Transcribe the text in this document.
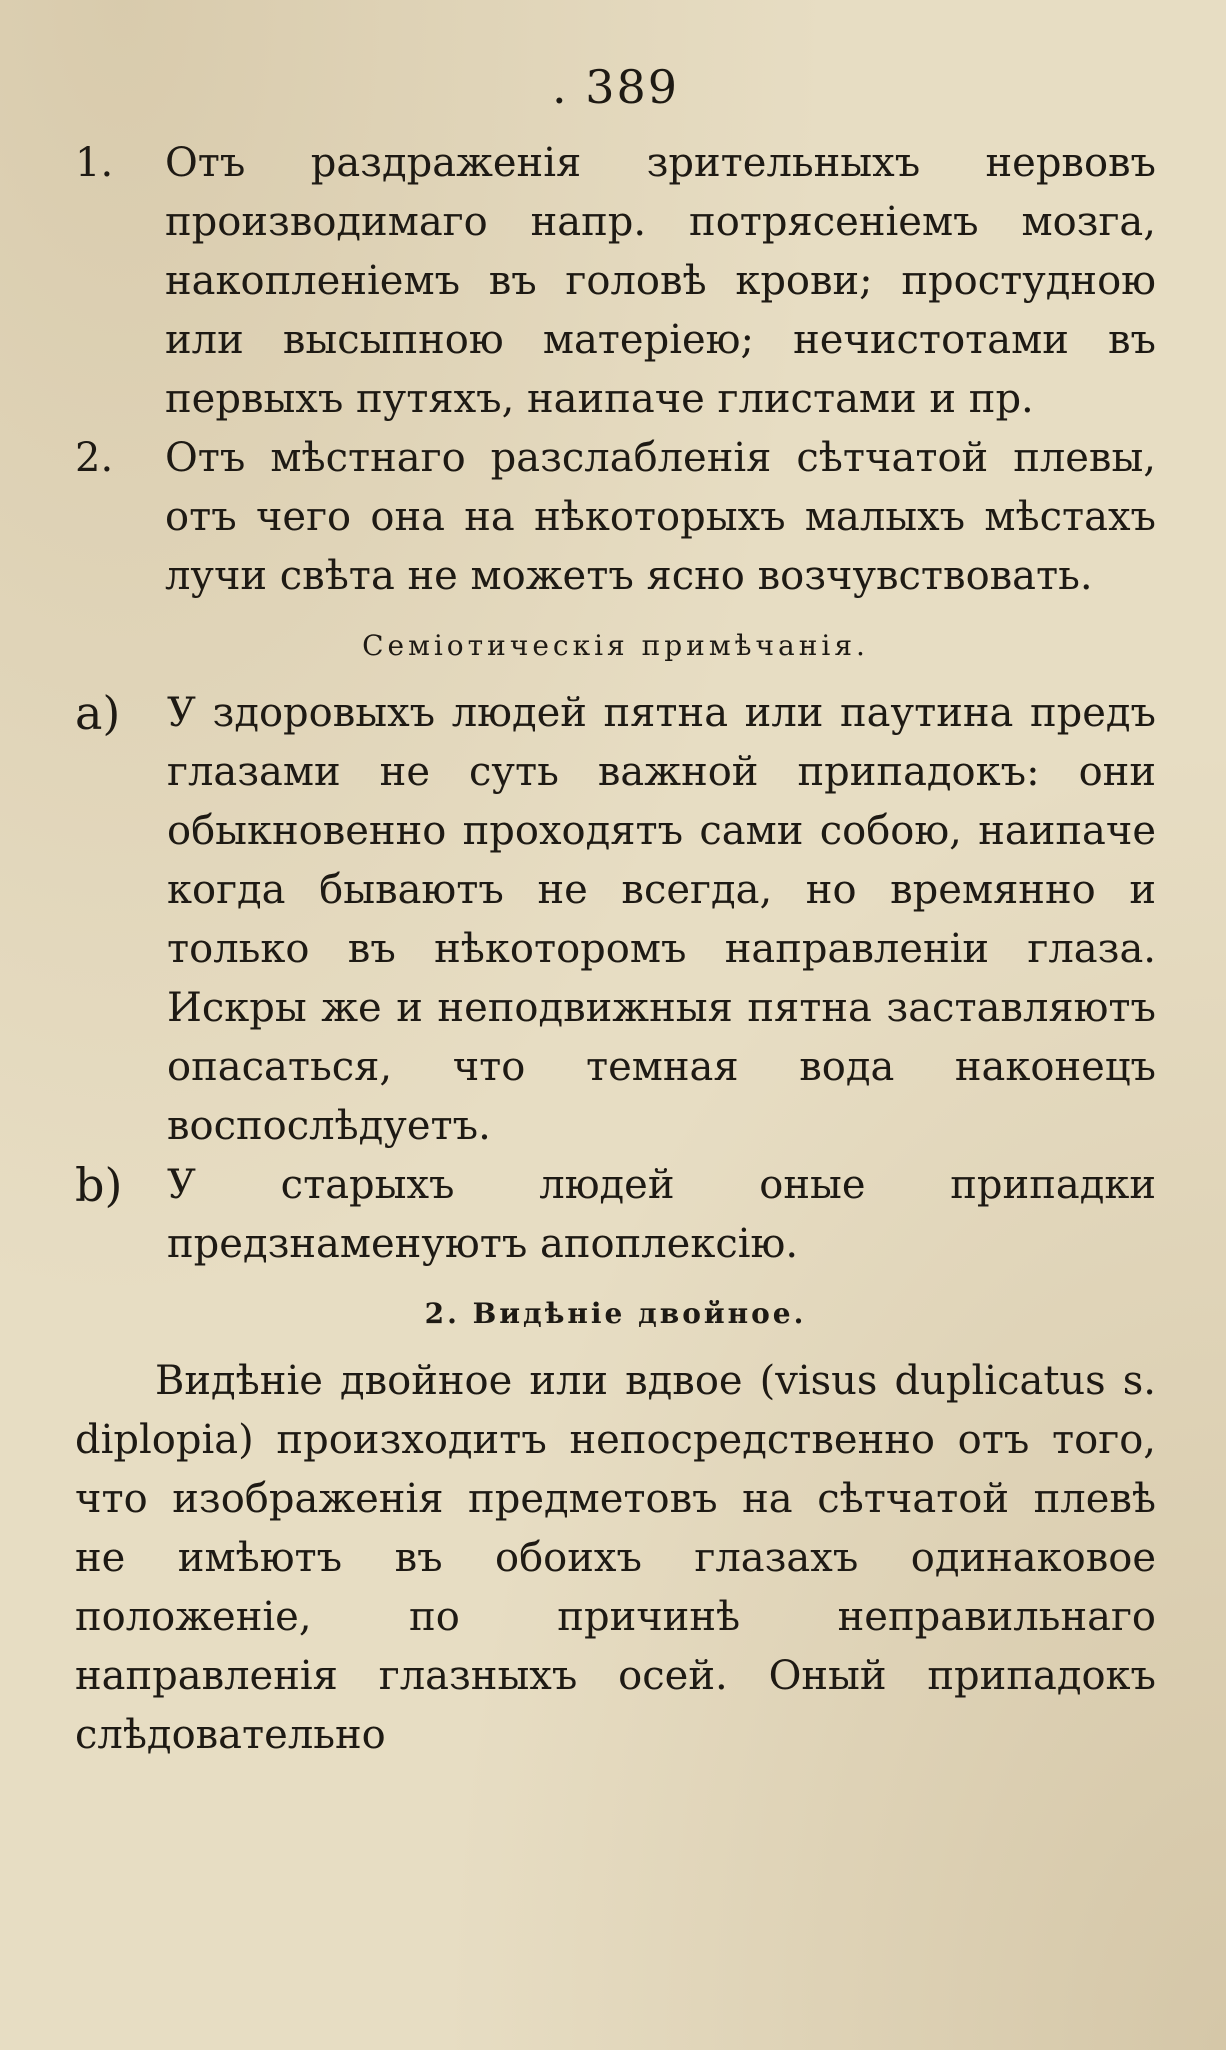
. 389

1.	Отъ раздраженія зрительныхъ нервовъ производимаго напр. потрясеніемъ мозга, накопленіемъ въ головѣ крови; простудною или высыпною матеріею; нечистотами въ первыхъ путяхъ, наипаче глистами и пр.

2.	Отъ мѣстнаго разслабленія сѣтчатой плевы, отъ чего она на нѣкоторыхъ малыхъ мѣстахъ лучи свѣта не можетъ ясно возчувствовать.

Семіотическія примѣчанія.

a)	У здоровыхъ людей пятна или паутина предъ глазами не суть важной припадокъ: они обыкновенно проходятъ сами собою, наипаче когда бываютъ не всегда, но времянно и только въ нѣкоторомъ направленіи глаза. Искры же и неподвижныя пятна заставляютъ опасаться, что темная вода наконецъ воспослѣдуетъ.

b)	У старыхъ людей оные припадки предзнаменуютъ апоплексію.

2. Видѣніе двойное.

Видѣніе двойное или вдвое (visus duplicatus s. diplopia) произходитъ непосредственно отъ того, что изображенія предметовъ на сѣтчатой плевѣ не имѣютъ въ обоихъ глазахъ одинаковое положеніе, по причинѣ неправильнаго направленія глазныхъ осей. Оный припадокъ слѣдовательно
